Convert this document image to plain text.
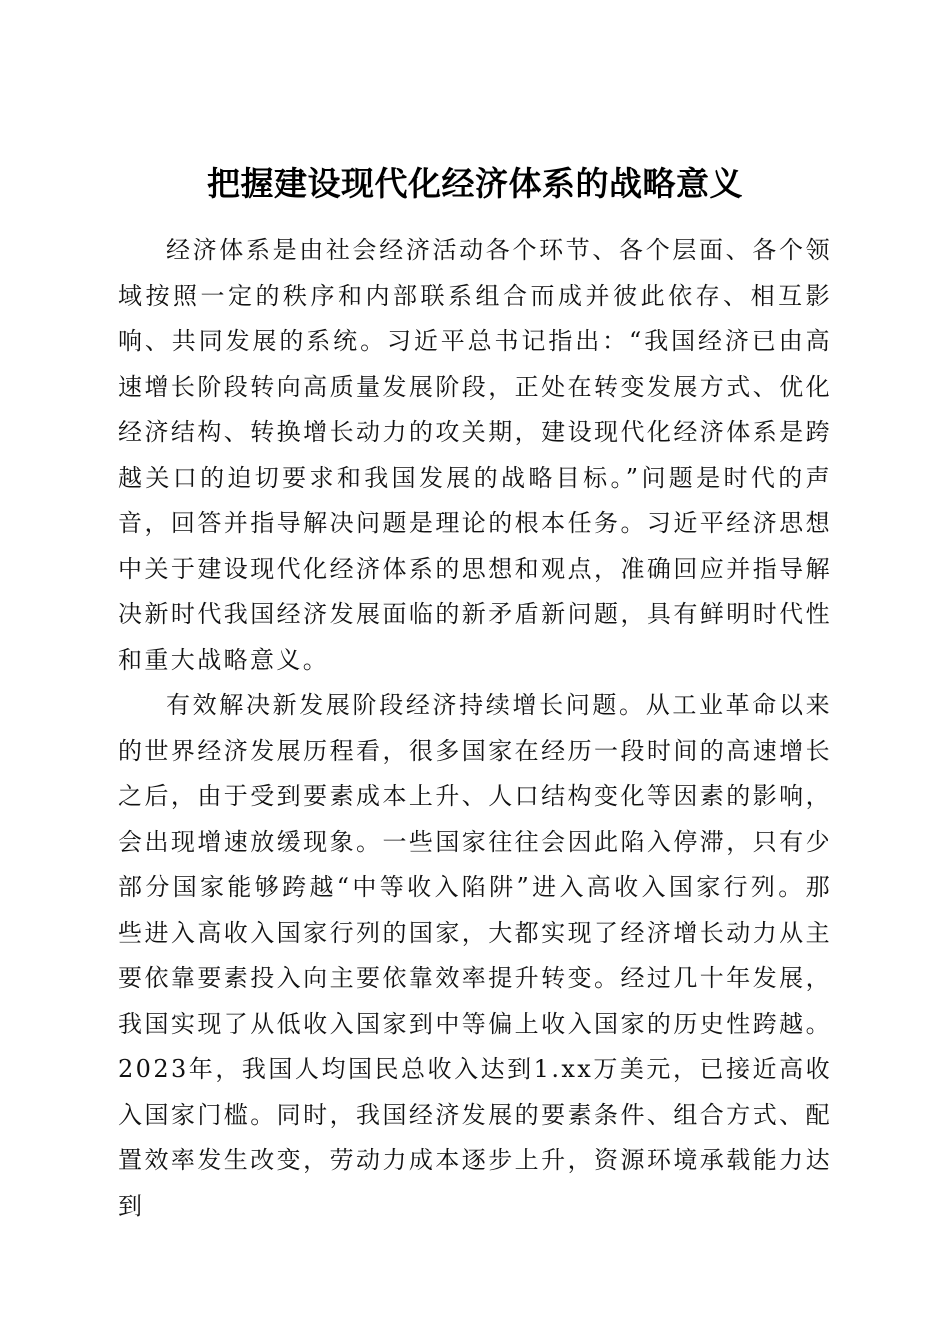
把握建设现代化经济体系的战略意义

经济体系是由社会经济活动各个环节、各个层面、各个领域按照一定的秩序和内部联系组合而成并彼此依存、相互影响、共同发展的系统。习近平总书记指出：“我国经济已由高速增长阶段转向高质量发展阶段，正处在转变发展方式、优化经济结构、转换增长动力的攻关期，建设现代化经济体系是跨越关口的迫切要求和我国发展的战略目标。”问题是时代的声音，回答并指导解决问题是理论的根本任务。习近平经济思想中关于建设现代化经济体系的思想和观点，准确回应并指导解决新时代我国经济发展面临的新矛盾新问题，具有鲜明时代性和重大战略意义。

有效解决新发展阶段经济持续增长问题。从工业革命以来的世界经济发展历程看，很多国家在经历一段时间的高速增长之后，由于受到要素成本上升、人口结构变化等因素的影响，会出现增速放缓现象。一些国家往往会因此陷入停滞，只有少部分国家能够跨越“中等收入陷阱”进入高收入国家行列。那些进入高收入国家行列的国家，大都实现了经济增长动力从主要依靠要素投入向主要依靠效率提升转变。经过几十年发展，我国实现了从低收入国家到中等偏上收入国家的历史性跨越。2023年，我国人均国民总收入达到1.xx万美元，已接近高收入国家门槛。同时，我国经济发展的要素条件、组合方式、配置效率发生改变，劳动力成本逐步上升，资源环境承载能力达到
